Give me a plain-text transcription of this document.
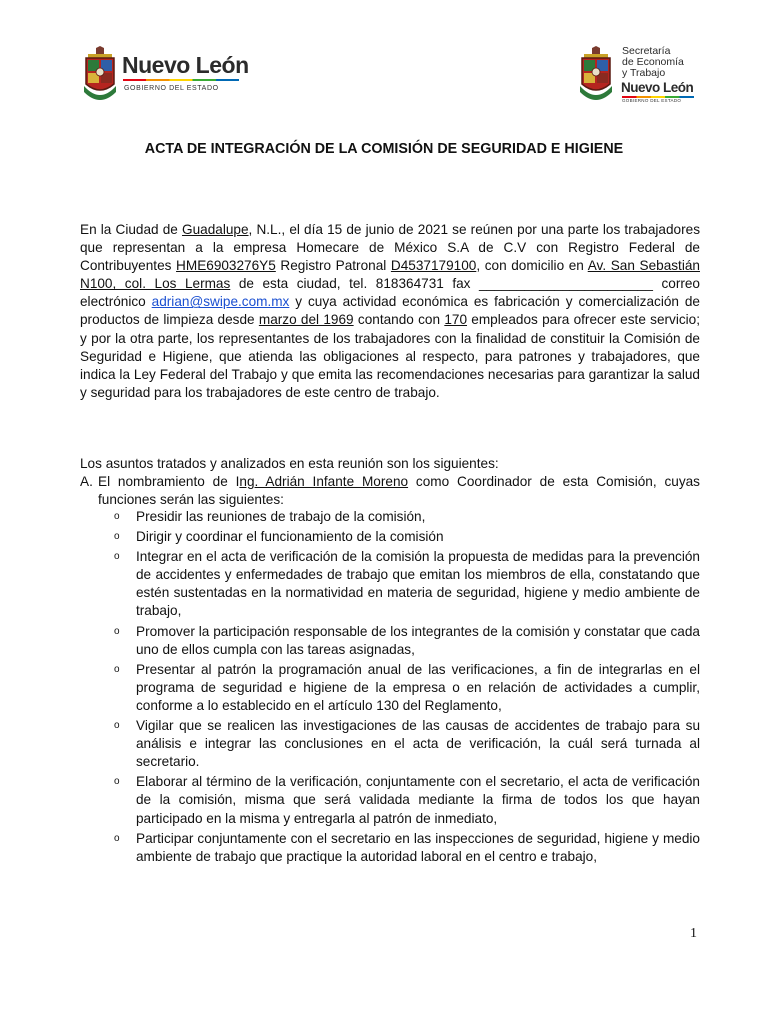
Nuevo León
GOBIERNO DEL ESTADO
Secretaría
de Economía
y Trabajo
Nuevo León
GOBIERNO DEL ESTADO
ACTA DE INTEGRACIÓN DE LA COMISIÓN DE SEGURIDAD E HIGIENE
En la Ciudad de Guadalupe, N.L., el día 15 de junio de 2021 se reúnen por una parte los trabajadores que representan a la empresa Homecare de México S.A de C.V con Registro Federal de Contribuyentes HME6903276Y5 Registro Patronal D4537179100, con domicilio en Av. San Sebastián N100, col. Los Lermas de esta ciudad, tel. 818364731 fax _______________________ correo electrónico adrian@swipe.com.mx y cuya actividad económica es fabricación y comercialización de productos de limpieza desde marzo del 1969 contando con 170 empleados para ofrecer este servicio; y por la otra parte, los representantes de los trabajadores con la finalidad de constituir la Comisión de Seguridad e Higiene, que atienda las obligaciones al respecto, para patrones y trabajadores, que indica la Ley Federal del Trabajo y que emita las recomendaciones necesarias para garantizar la salud y seguridad para los trabajadores de este centro de trabajo.
Los asuntos tratados y analizados en esta reunión son los siguientes:
A. El nombramiento de Ing. Adrián Infante Moreno como Coordinador de esta Comisión, cuyas funciones serán las siguientes:
o Presidir las reuniones de trabajo de la comisión,
o Dirigir y coordinar el funcionamiento de la comisión
o Integrar en el acta de verificación de la comisión la propuesta de medidas para la prevención de accidentes y enfermedades de trabajo que emitan los miembros de ella, constatando que estén sustentadas en la normatividad en materia de seguridad, higiene y medio ambiente de trabajo,
o Promover la participación responsable de los integrantes de la comisión y constatar que cada uno de ellos cumpla con las tareas asignadas,
o Presentar al patrón la programación anual de las verificaciones, a fin de integrarlas en el programa de seguridad e higiene de la empresa o en relación de actividades a cumplir, conforme a lo establecido en el artículo 130 del Reglamento,
o Vigilar que se realicen las investigaciones de las causas de accidentes de trabajo para su análisis e integrar las conclusiones en el acta de verificación, la cuál será turnada al secretario.
o Elaborar al término de la verificación, conjuntamente con el secretario, el acta de verificación de la comisión, misma que será validada mediante la firma de todos los que hayan participado en la misma y entregarla al patrón de inmediato,
o Participar conjuntamente con el secretario en las inspecciones de seguridad, higiene y medio ambiente de trabajo que practique la autoridad laboral en el centro e trabajo,
1
